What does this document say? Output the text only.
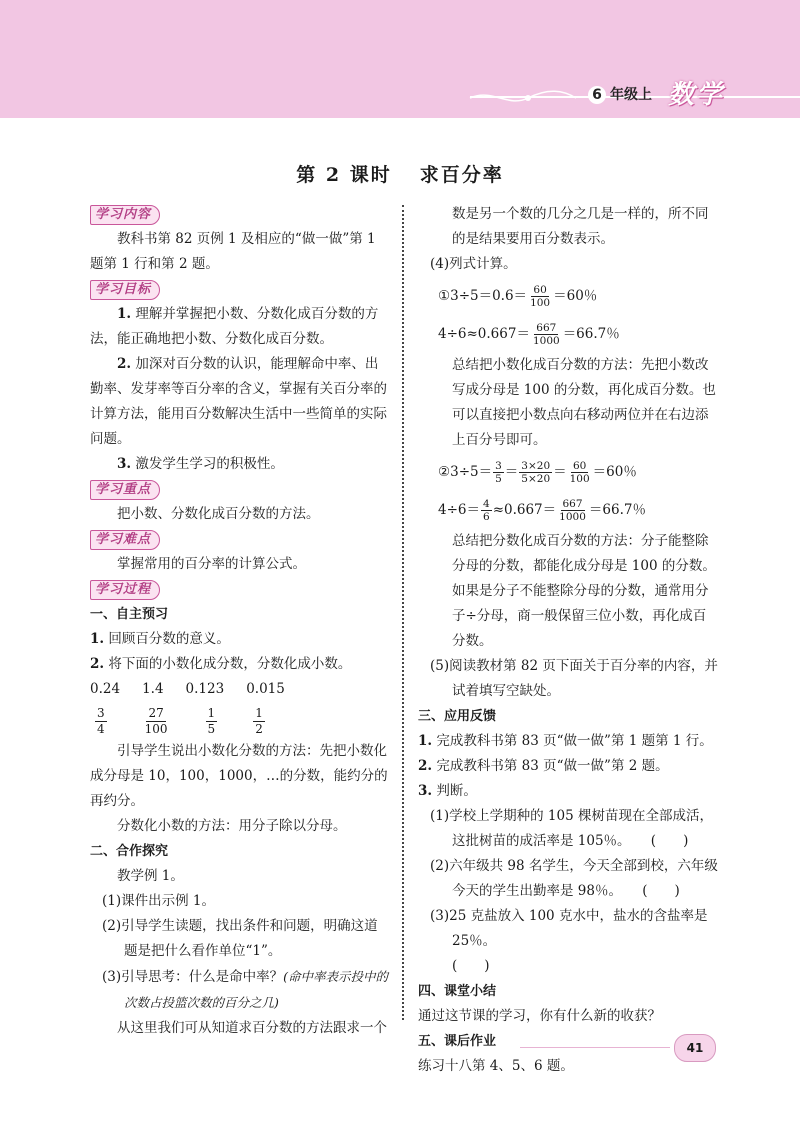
6 年级上 数学
第 2 课时 求百分率
学习内容

教科书第 82 页例 1 及相应的“做一做”第 1 题第 1 行和第 2 题。

学习目标

1. 理解并掌握把小数、分数化成百分数的方法，能正确地把小数、分数化成百分数。

2. 加深对百分数的认识，能理解命中率、出勤率、发芽率等百分率的含义，掌握有关百分率的计算方法，能用百分数解决生活中一些简单的实际问题。

3. 激发学生学习的积极性。

学习重点

把小数、分数化成百分数的方法。

学习难点

掌握常用的百分率的计算公式。

学习过程

一、自主预习

1. 回顾百分数的意义。

2. 将下面的小数化成分数，分数化成小数。

0.24 1.4 0.123 0.015
$\frac{3}{4}$	$\frac{27}{100}$	$\frac{1}{5}$	$\frac{1}{2}$

引导学生说出小数化分数的方法：先把小数化成分母是 10，100，1000，…的分数，能约分的再约分。

分数化小数的方法：用分子除以分母。

二、合作探究

教学例 1。

(1)课件出示例 1。

(2)引导学生读题，找出条件和问题，明确这道题是把什么看作单位“1”。

(3)引导思考：什么是命中率？(命中率表示投中的次数占投篮次数的百分之几)

从这里我们可从知道求百分数的方法跟求一个

数是另一个数的几分之几是一样的，所不同的是结果要用百分数表示。

(4)列式计算。

①3÷5＝0.6＝ $\frac{60}{100} =60$％
$4\div 6\approx 0.667= \frac{667}{1000} =66.7$％

总结把小数化成百分数的方法：先把小数改写成分母是 100 的分数，再化成百分数。也可以直接把小数点向右移动两位并在右边添上百分号即可。

②3÷5＝ $\frac{3}{5} = \frac{3\times 20}{5\times 20} = \frac{60}{100} =60$％
$4\div 6= \frac{4}{6} \approx 0.667= \frac{667}{1000} =66.7$％

总结把分数化成百分数的方法：分子能整除分母的分数，都能化成分母是 100 的分数。如果是分子不能整除分母的分数，通常用分子÷分母，商一般保留三位小数，再化成百分数。

(5)阅读教材第 82 页下面关于百分率的内容，并试着填写空缺处。

三、应用反馈

1. 完成教科书第 83 页“做一做”第 1 题第 1 行。

2. 完成教科书第 83 页“做一做”第 2 题。

3. 判断。

(1)学校上学期种的 105 棵树苗现在全部成活，这批树苗的成活率是 105％。　　(　　)

(2)六年级共 98 名学生，今天全部到校，六年级今天的学生出勤率是 98％。　　(　　)

(3)25 克盐放入 100 克水中，盐水的含盐率是 25％。

(　　)

四、课堂小结

通过这节课的学习，你有什么新的收获？

五、课后作业

练习十八第 4、5、6 题。

41
